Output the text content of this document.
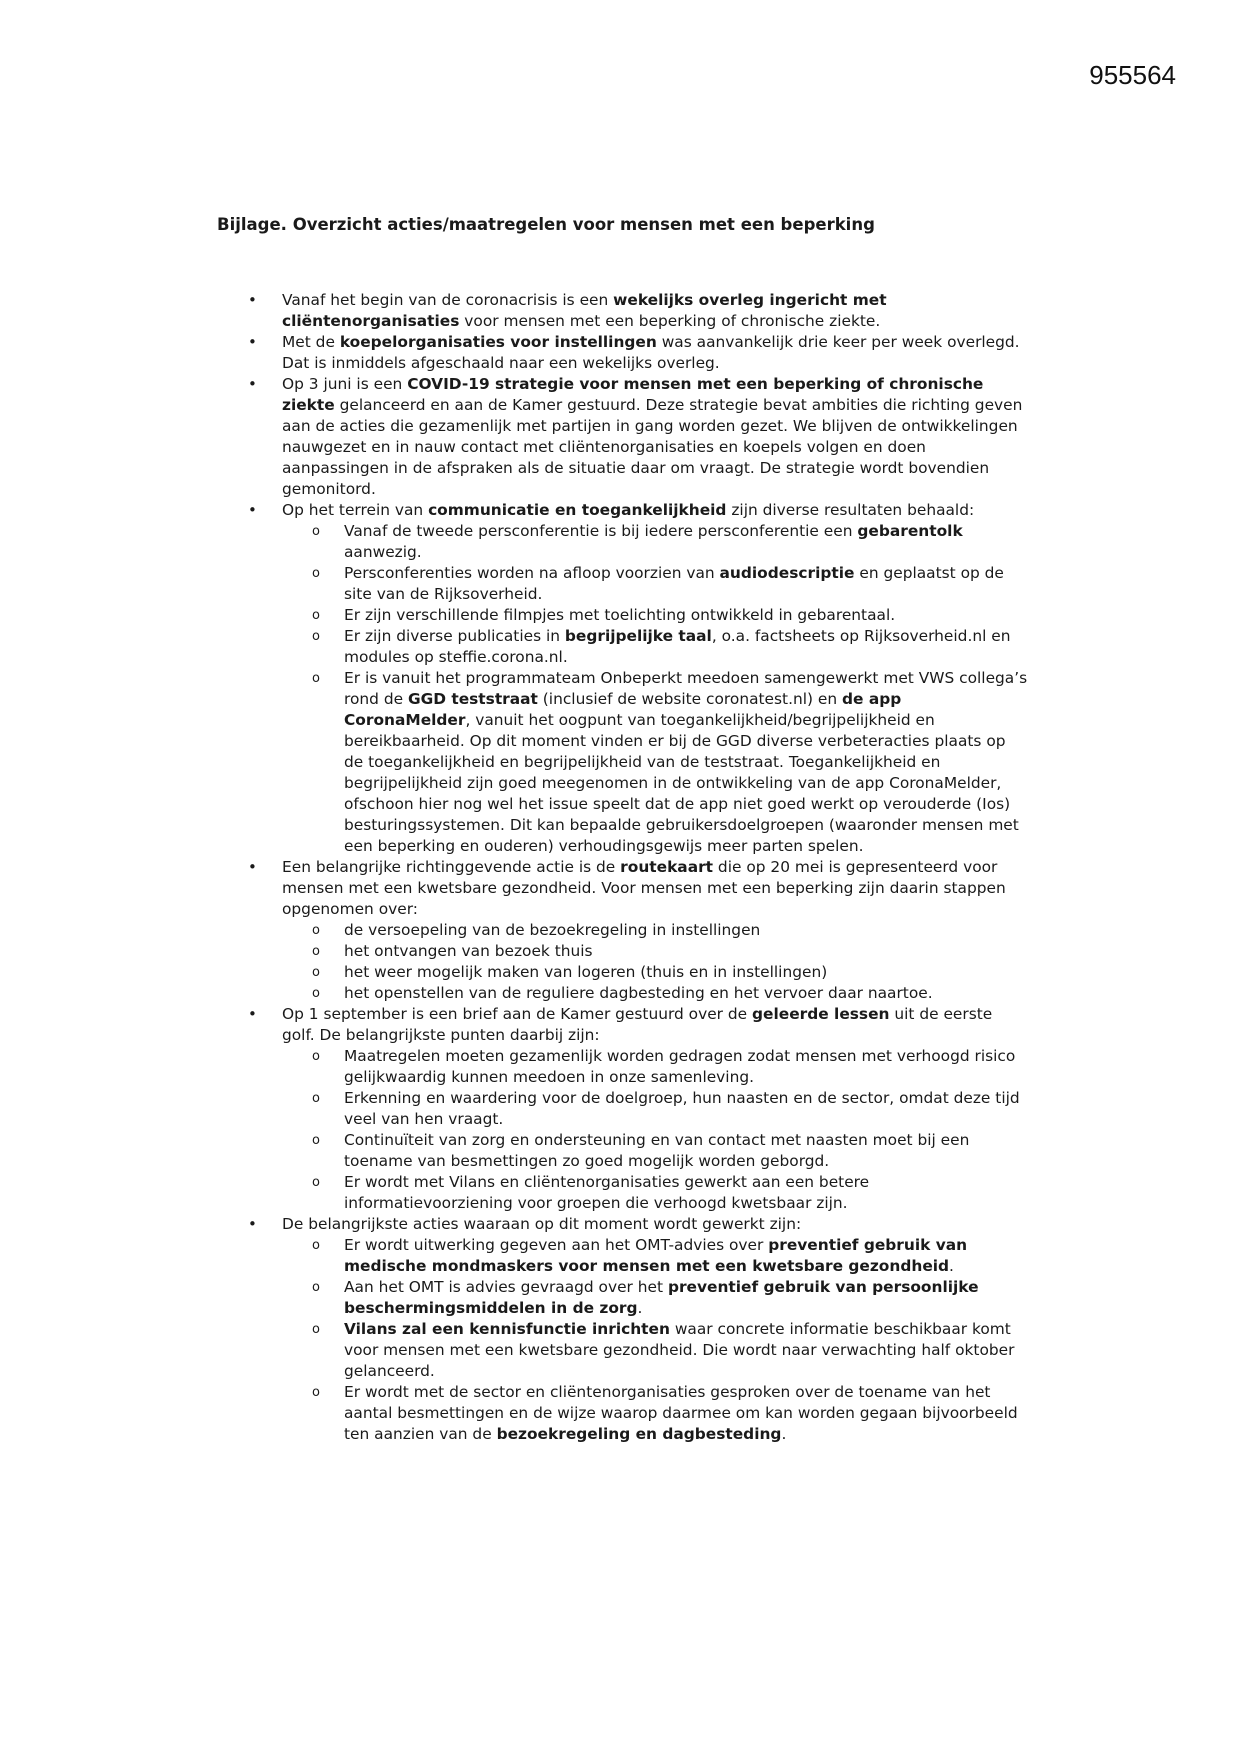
955564
Bijlage. Overzicht acties/maatregelen voor mensen met een beperking
• Vanaf het begin van de coronacrisis is een wekelijks overleg ingericht met cliëntenorganisaties voor mensen met een beperking of chronische ziekte.
• Met de koepelorganisaties voor instellingen was aanvankelijk drie keer per week overlegd. Dat is inmiddels afgeschaald naar een wekelijks overleg.
• Op 3 juni is een COVID-19 strategie voor mensen met een beperking of chronische ziekte gelanceerd en aan de Kamer gestuurd. Deze strategie bevat ambities die richting geven aan de acties die gezamenlijk met partijen in gang worden gezet. We blijven de ontwikkelingen nauwgezet en in nauw contact met cliëntenorganisaties en koepels volgen en doen aanpassingen in de afspraken als de situatie daar om vraagt. De strategie wordt bovendien gemonitord.
• Op het terrein van communicatie en toegankelijkheid zijn diverse resultaten behaald:
o Vanaf de tweede persconferentie is bij iedere persconferentie een gebarentolk aanwezig.
o Persconferenties worden na afloop voorzien van audiodescriptie en geplaatst op de site van de Rijksoverheid.
o Er zijn verschillende filmpjes met toelichting ontwikkeld in gebarentaal.
o Er zijn diverse publicaties in begrijpelijke taal, o.a. factsheets op Rijksoverheid.nl en modules op steffie.corona.nl.
o Er is vanuit het programmateam Onbeperkt meedoen samengewerkt met VWS collega’s rond de GGD teststraat (inclusief de website coronatest.nl) en de app CoronaMelder, vanuit het oogpunt van toegankelijkheid/begrijpelijkheid en bereikbaarheid. Op dit moment vinden er bij de GGD diverse verbeteracties plaats op de toegankelijkheid en begrijpelijkheid van de teststraat. Toegankelijkheid en begrijpelijkheid zijn goed meegenomen in de ontwikkeling van de app CoronaMelder, ofschoon hier nog wel het issue speelt dat de app niet goed werkt op verouderde (Ios) besturingssystemen. Dit kan bepaalde gebruikersdoelgroepen (waaronder mensen met een beperking en ouderen) verhoudingsgewijs meer parten spelen.
• Een belangrijke richtinggevende actie is de routekaart die op 20 mei is gepresenteerd voor mensen met een kwetsbare gezondheid. Voor mensen met een beperking zijn daarin stappen opgenomen over:
o de versoepeling van de bezoekregeling in instellingen
o het ontvangen van bezoek thuis
o het weer mogelijk maken van logeren (thuis en in instellingen)
o het openstellen van de reguliere dagbesteding en het vervoer daar naartoe.
• Op 1 september is een brief aan de Kamer gestuurd over de geleerde lessen uit de eerste golf. De belangrijkste punten daarbij zijn:
o Maatregelen moeten gezamenlijk worden gedragen zodat mensen met verhoogd risico gelijkwaardig kunnen meedoen in onze samenleving.
o Erkenning en waardering voor de doelgroep, hun naasten en de sector, omdat deze tijd veel van hen vraagt.
o Continuïteit van zorg en ondersteuning en van contact met naasten moet bij een toename van besmettingen zo goed mogelijk worden geborgd.
o Er wordt met Vilans en cliëntenorganisaties gewerkt aan een betere informatievoorziening voor groepen die verhoogd kwetsbaar zijn.
• De belangrijkste acties waaraan op dit moment wordt gewerkt zijn:
o Er wordt uitwerking gegeven aan het OMT-advies over preventief gebruik van medische mondmaskers voor mensen met een kwetsbare gezondheid.
o Aan het OMT is advies gevraagd over het preventief gebruik van persoonlijke beschermingsmiddelen in de zorg.
o Vilans zal een kennisfunctie inrichten waar concrete informatie beschikbaar komt voor mensen met een kwetsbare gezondheid. Die wordt naar verwachting half oktober gelanceerd.
o Er wordt met de sector en cliëntenorganisaties gesproken over de toename van het aantal besmettingen en de wijze waarop daarmee om kan worden gegaan bijvoorbeeld ten aanzien van de bezoekregeling en dagbesteding.
